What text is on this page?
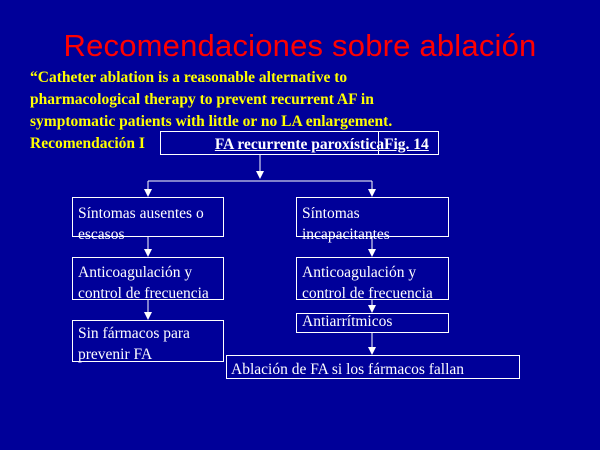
Recomendaciones sobre ablación
“Catheter ablation is a reasonable alternative to
pharmacological therapy to prevent recurrent AF in
symptomatic patients with little or no LA enlargement.
Recomendación I	FA recurrente paroxística Fig. 14
Síntomas ausentes o escasos
Síntomas incapacitantes
Anticoagulación y control de frecuencia
Anticoagulación y control de frecuencia
Sin fármacos para prevenir FA
Antiarrítmicos
Ablación de FA si los fármacos fallan
